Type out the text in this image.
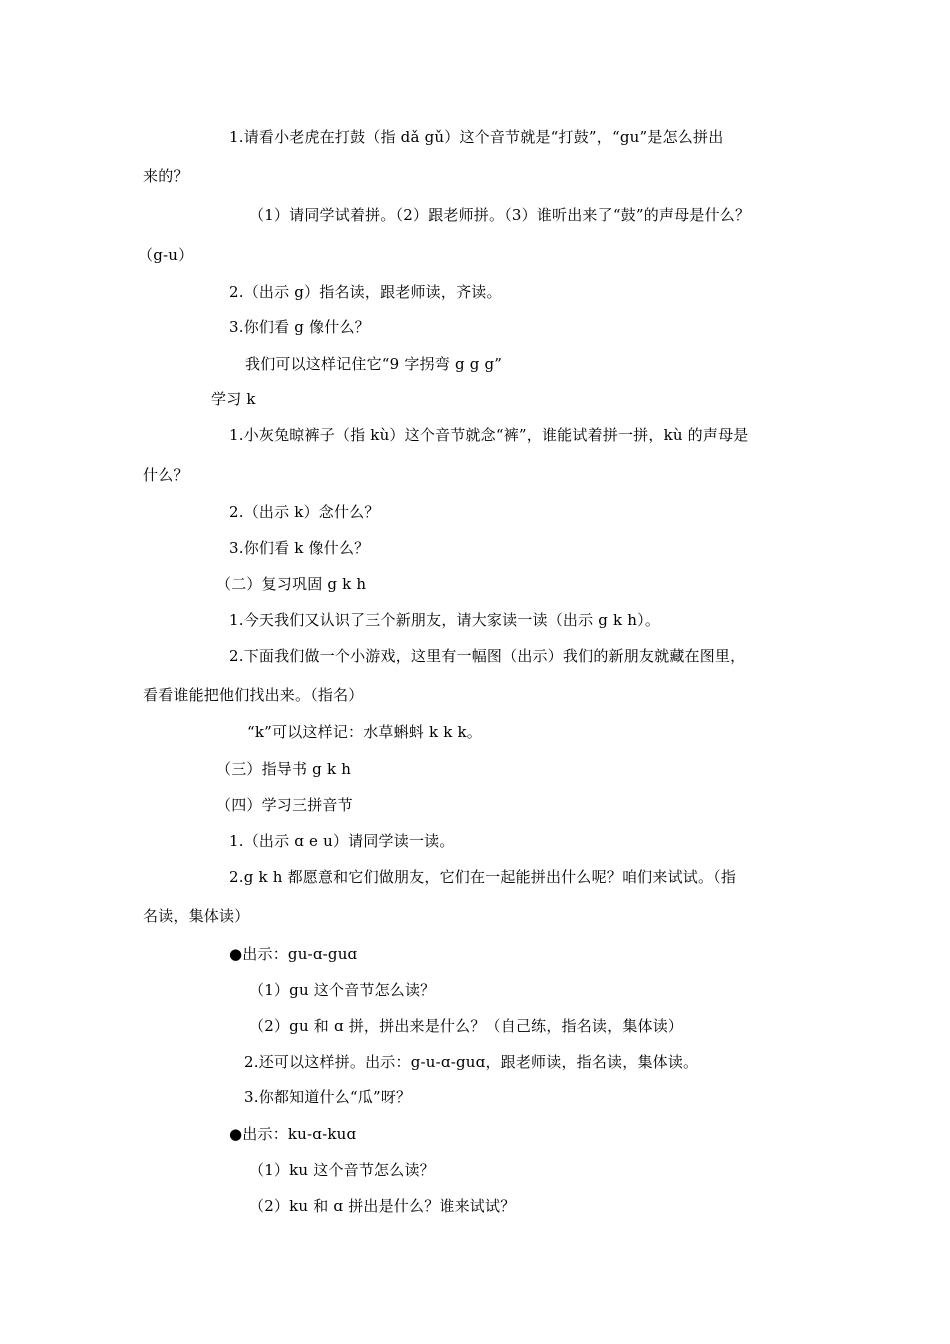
1.请看小老虎在打鼓（指 dǎ gǔ）这个音节就是“打鼓”，“gu”是怎么拼出
来的？
（1）请同学试着拼。（2）跟老师拼。（3）谁听出来了“鼓”的声母是什么？
（g-u）
2.（出示 g）指名读，跟老师读，齐读。
3.你们看 g 像什么？
我们可以这样记住它“9 字拐弯 g g g”
学习 k
1.小灰兔晾裤子（指 kù）这个音节就念“裤”，谁能试着拼一拼，kù 的声母是
什么？
2.（出示 k）念什么？
3.你们看 k 像什么？
（二）复习巩固 g k h
1.今天我们又认识了三个新朋友，请大家读一读（出示 g k h）。
2.下面我们做一个小游戏，这里有一幅图（出示）我们的新朋友就藏在图里，
看看谁能把他们找出来。（指名）
“k”可以这样记：水草蝌蚪 k k k。
（三）指导书 g k h
（四）学习三拼音节
1.（出示 ɑ e u）请同学读一读。
2.g k h 都愿意和它们做朋友，它们在一起能拼出什么呢？咱们来试试。（指
名读，集体读）
●出示：gu-ɑ-guɑ
（1）gu 这个音节怎么读？
（2）gu 和 ɑ 拼，拼出来是什么？（自己练，指名读，集体读）
2.还可以这样拼。出示：g-u-ɑ-guɑ，跟老师读，指名读，集体读。
3.你都知道什么“瓜”呀？
●出示：ku-ɑ-kuɑ
（1）ku 这个音节怎么读？
（2）ku 和 ɑ 拼出是什么？谁来试试？
